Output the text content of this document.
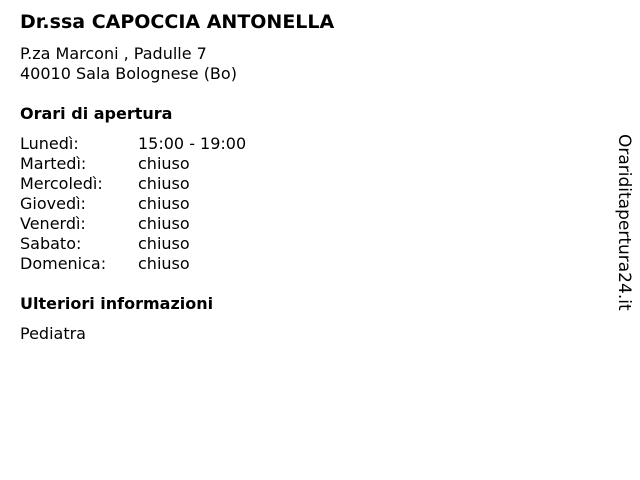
Dr.ssa CAPOCCIA ANTONELLA
P.za Marconi , Padulle 7
40010 Sala Bolognese (Bo)
Orari di apertura
Lunedì:	15:00 - 19:00
Martedì:	chiuso
Mercoledì: chiuso
Giovedì:	chiuso
Venerdì:	chiuso
Sabato:	chiuso
Domenica: chiuso
Ulteriori informazioni
Pediatra
Orariditapertura24.it
